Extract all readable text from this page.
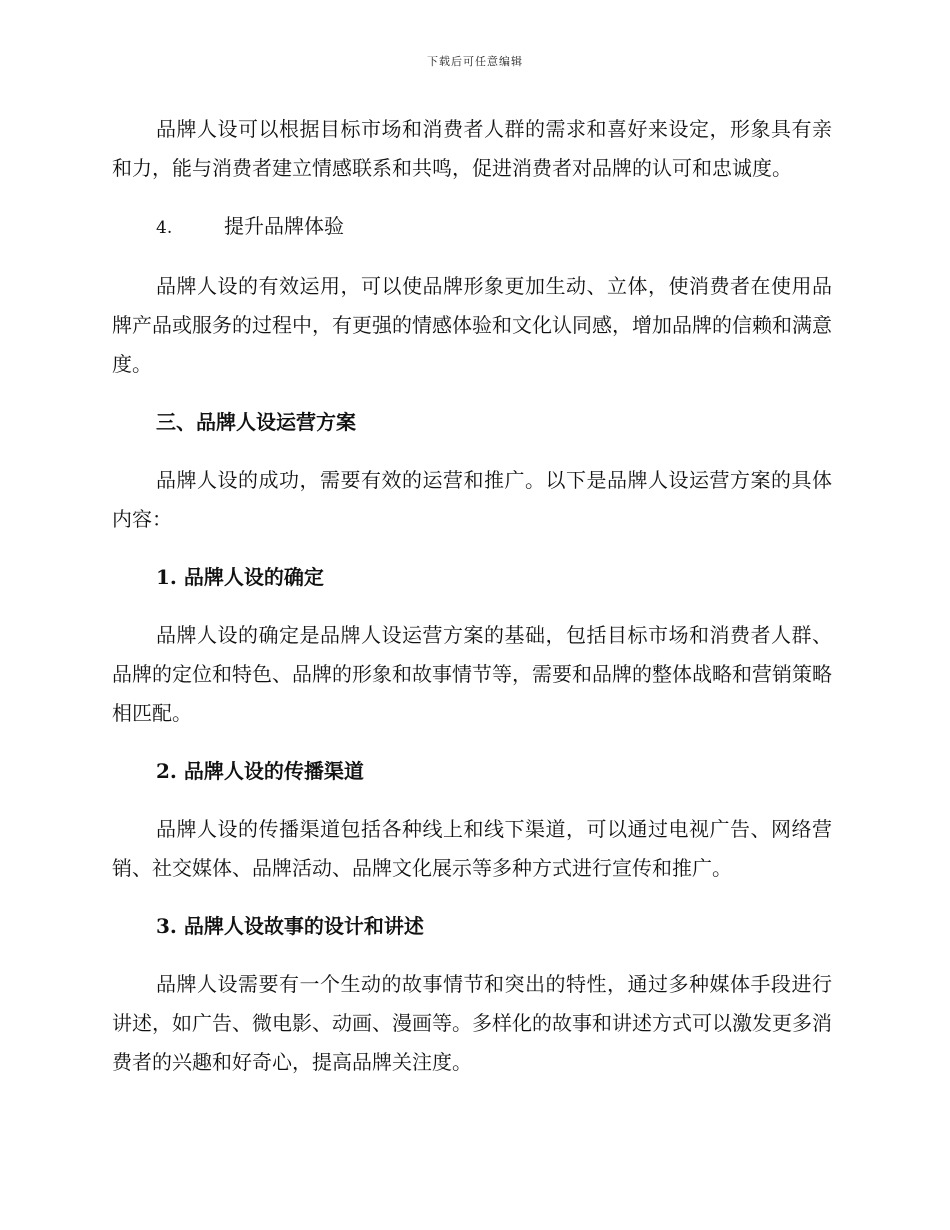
下载后可任意编辑

品牌人设可以根据目标市场和消费者人群的需求和喜好来设定，形象具有亲和力，能与消费者建立情感联系和共鸣，促进消费者对品牌的认可和忠诚度。

4.	提升品牌体验

品牌人设的有效运用，可以使品牌形象更加生动、立体，使消费者在使用品牌产品或服务的过程中，有更强的情感体验和文化认同感，增加品牌的信赖和满意度。

三、品牌人设运营方案

品牌人设的成功，需要有效的运营和推广。以下是品牌人设运营方案的具体内容：

1. 品牌人设的确定

品牌人设的确定是品牌人设运营方案的基础，包括目标市场和消费者人群、品牌的定位和特色、品牌的形象和故事情节等，需要和品牌的整体战略和营销策略相匹配。

2. 品牌人设的传播渠道

品牌人设的传播渠道包括各种线上和线下渠道，可以通过电视广告、网络营销、社交媒体、品牌活动、品牌文化展示等多种方式进行宣传和推广。

3. 品牌人设故事的设计和讲述

品牌人设需要有一个生动的故事情节和突出的特性，通过多种媒体手段进行讲述，如广告、微电影、动画、漫画等。多样化的故事和讲述方式可以激发更多消费者的兴趣和好奇心，提高品牌关注度。
